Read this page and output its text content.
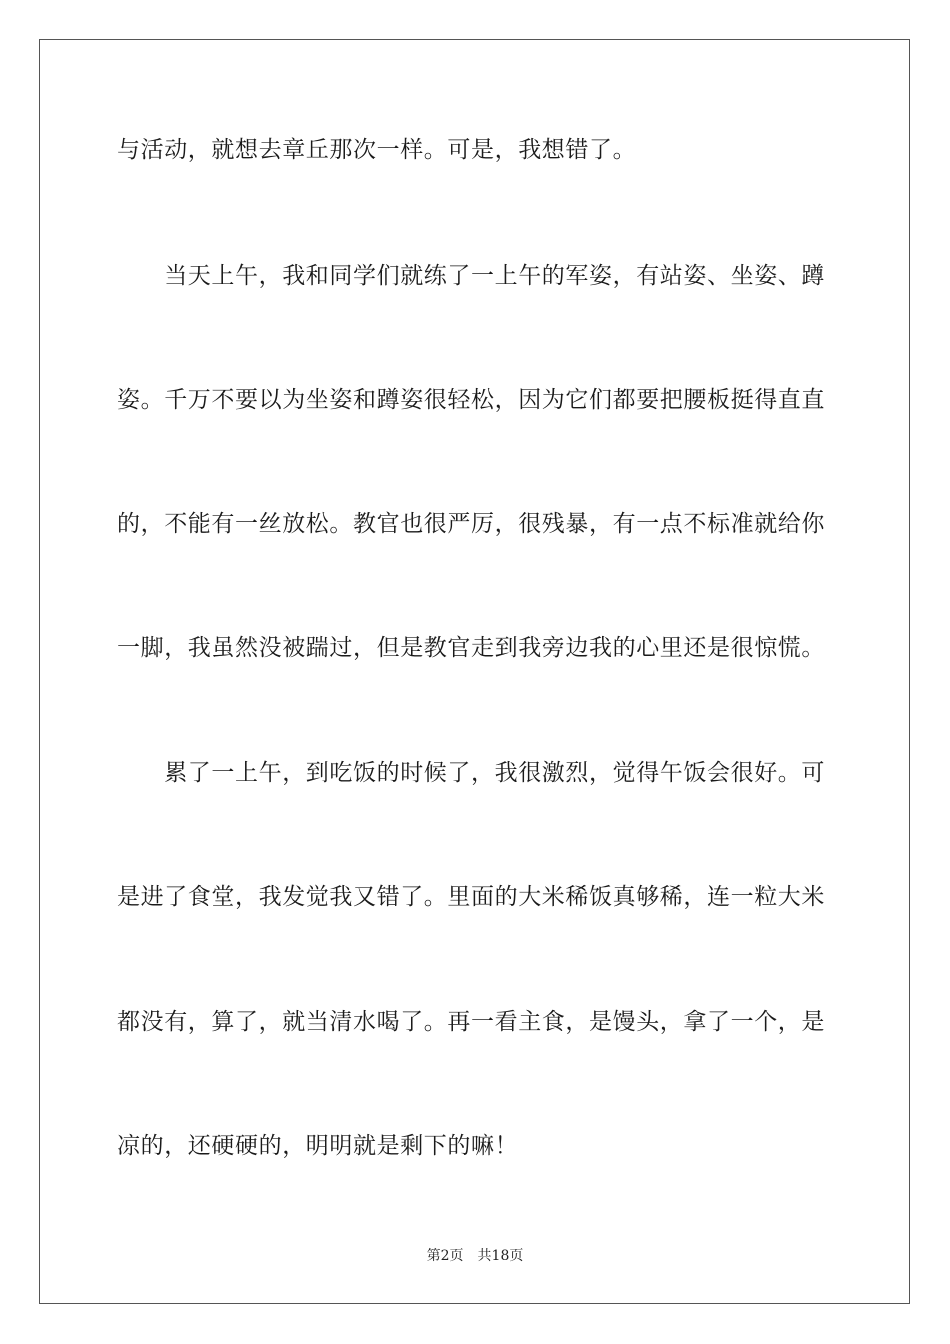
与活动，就想去章丘那次一样。可是，我想错了。
　　当天上午，我和同学们就练了一上午的军姿，有站姿、坐姿、蹲
姿。千万不要以为坐姿和蹲姿很轻松，因为它们都要把腰板挺得直直
的，不能有一丝放松。教官也很严厉，很残暴，有一点不标准就给你
一脚，我虽然没被踹过，但是教官走到我旁边我的心里还是很惊慌。
　　累了一上午，到吃饭的时候了，我很激烈，觉得午饭会很好。可
是进了食堂，我发觉我又错了。里面的大米稀饭真够稀，连一粒大米
都没有，算了，就当清水喝了。再一看主食，是馒头，拿了一个，是
凉的，还硬硬的，明明就是剩下的嘛！
第2页 共18页
